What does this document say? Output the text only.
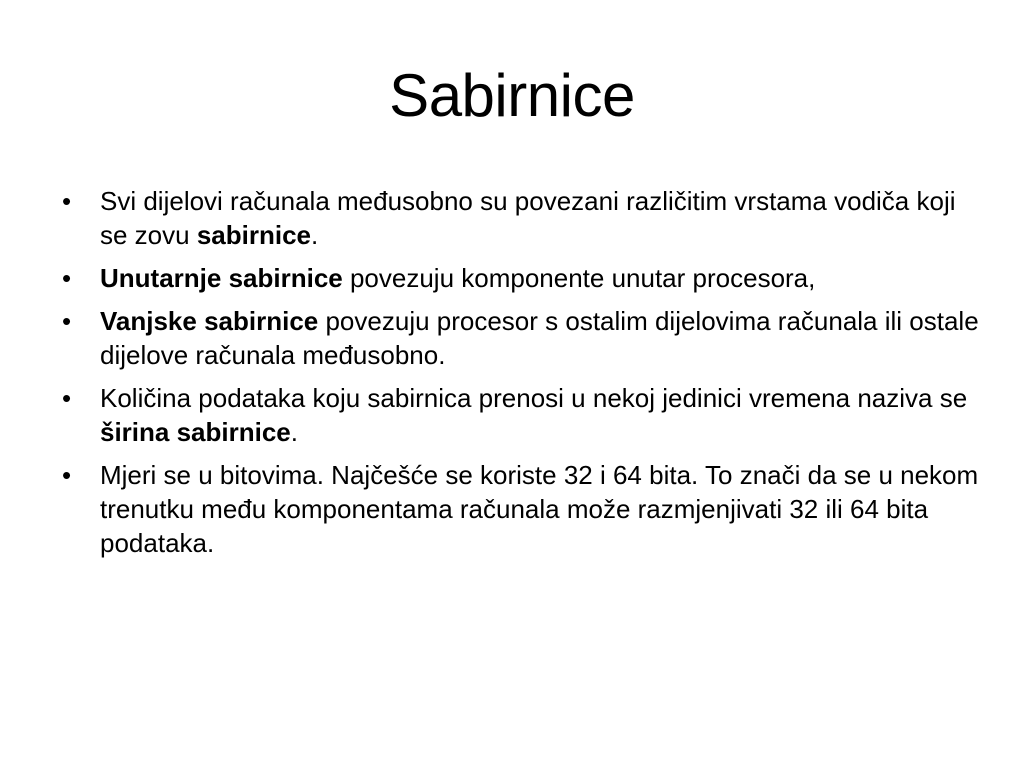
Sabirnice
•	Svi dijelovi računala međusobno su povezani različitim vrstama vodiča koji se zovu sabirnice.
•	Unutarnje sabirnice povezuju komponente unutar procesora,
•	Vanjske sabirnice povezuju procesor s ostalim dijelovima računala ili ostale dijelove računala međusobno.
•	Količina podataka koju sabirnica prenosi u nekoj jedinici vremena naziva se širina sabirnice.
•	Mjeri se u bitovima. Najčešće se koriste 32 i 64 bita. To znači da se u nekom trenutku među komponentama računala može razmjenjivati 32 ili 64 bita podataka.
